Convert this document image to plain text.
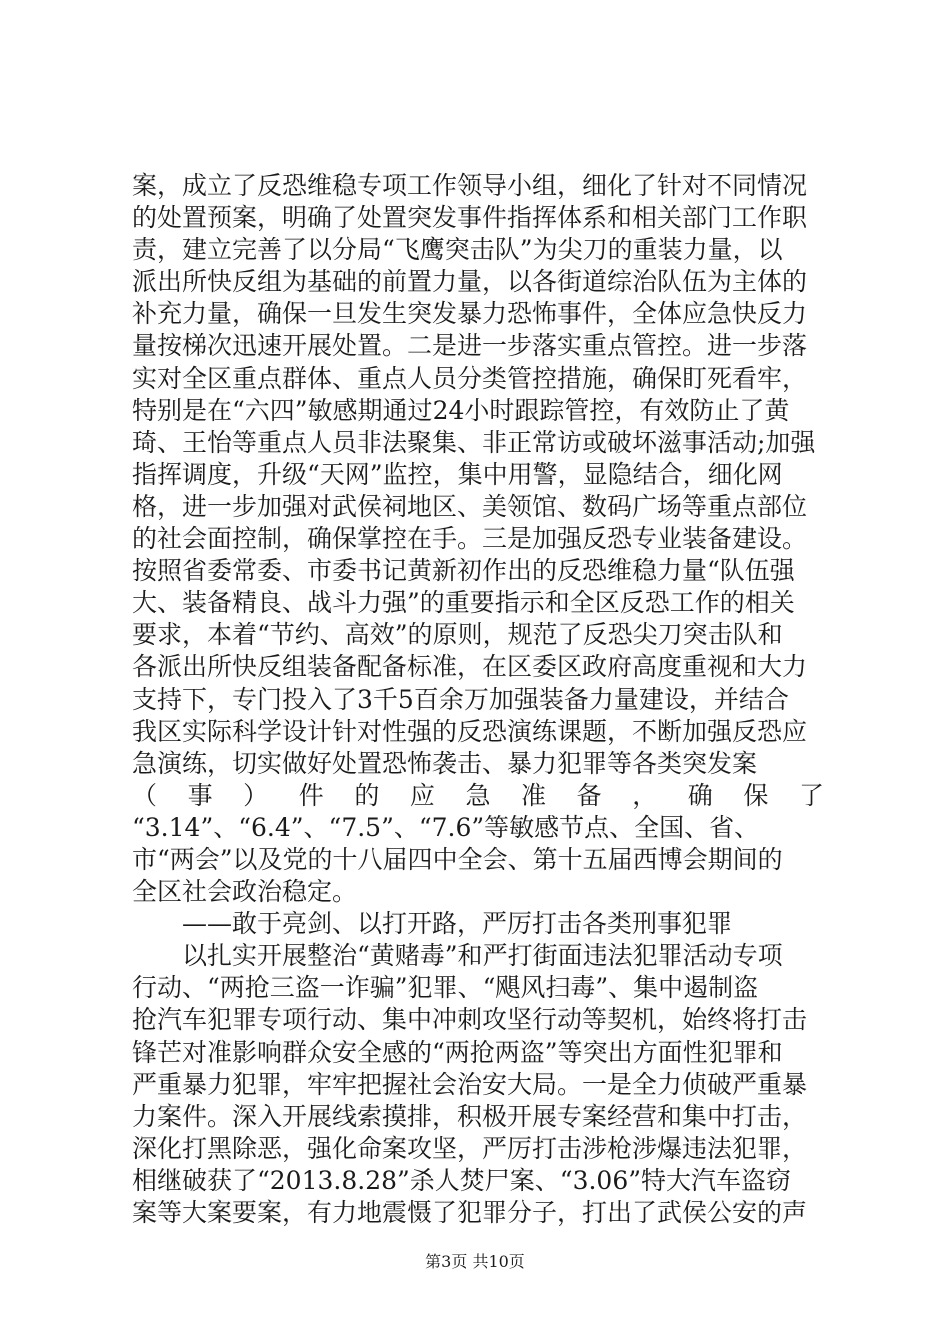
案，成立了反恐维稳专项工作领导小组，细化了针对不同情况
的处置预案，明确了处置突发事件指挥体系和相关部门工作职
责，建立完善了以分局“飞鹰突击队”为尖刀的重装力量，以
派出所快反组为基础的前置力量，以各街道综治队伍为主体的
补充力量，确保一旦发生突发暴力恐怖事件，全体应急快反力
量按梯次迅速开展处置。二是进一步落实重点管控。进一步落
实对全区重点群体、重点人员分类管控措施，确保盯死看牢，
特别是在“六四”敏感期通过24小时跟踪管控，有效防止了黄
琦、王怡等重点人员非法聚集、非正常访或破坏滋事活动;加强
指挥调度，升级“天网”监控，集中用警，显隐结合，细化网
格，进一步加强对武侯祠地区、美领馆、数码广场等重点部位
的社会面控制，确保掌控在手。三是加强反恐专业装备建设。
按照省委常委、市委书记黄新初作出的反恐维稳力量“队伍强
大、装备精良、战斗力强”的重要指示和全区反恐工作的相关
要求，本着“节约、高效”的原则，规范了反恐尖刀突击队和
各派出所快反组装备配备标准，在区委区政府高度重视和大力
支持下，专门投入了3千5百余万加强装备力量建设，并结合
我区实际科学设计针对性强的反恐演练课题，不断加强反恐应
急演练，切实做好处置恐怖袭击、暴力犯罪等各类突发案
（ 事 ） 件 的 应 急 准 备 ， 确 保 了
“3.14”、“6.4”、“7.5”、“7.6”等敏感节点、全国、省、
市“两会”以及党的十八届四中全会、第十五届西博会期间的
全区社会政治稳定。
——敢于亮剑、以打开路，严厉打击各类刑事犯罪
以扎实开展整治“黄赌毒”和严打街面违法犯罪活动专项
行动、“两抢三盗一诈骗”犯罪、“飓风扫毒”、集中遏制盗
抢汽车犯罪专项行动、集中冲刺攻坚行动等契机，始终将打击
锋芒对准影响群众安全感的“两抢两盗”等突出方面性犯罪和
严重暴力犯罪，牢牢把握社会治安大局。一是全力侦破严重暴
力案件。深入开展线索摸排，积极开展专案经营和集中打击，
深化打黑除恶，强化命案攻坚，严厉打击涉枪涉爆违法犯罪，
相继破获了“2013.8.28”杀人焚尸案、“3.06”特大汽车盗窃
案等大案要案，有力地震慑了犯罪分子，打出了武侯公安的声
第3页 共10页
